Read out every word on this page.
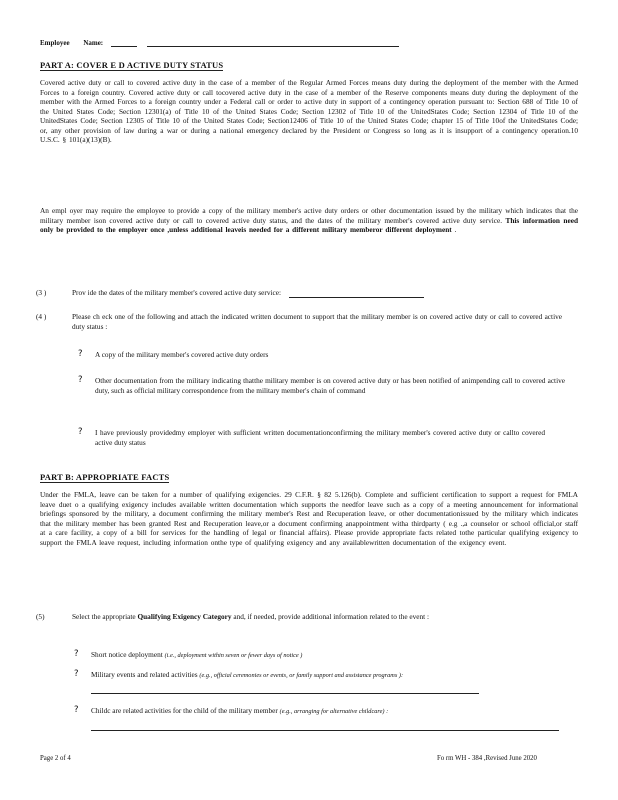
Employee Name:
PART A: COVER E D ACTIVE DUTY STATUS
Covered active duty or call to covered active duty in the case of a member of the Regular Armed Forces means duty during the deployment of the member with the Armed Forces to a foreign country. Covered active duty or call tocovered active duty in the case of a member of the Reserve components means duty during the deployment of the member with the Armed Forces to a foreign country under a Federal call or order to active duty in support of a contingency operation pursuant to: Section 688 of Title 10 of the United States Code; Section 12301(a) of Title 10 of the United States Code; Section 12302 of Title 10 of the UnitedStates Code; Section 12304 of Title 10 of the UnitedStates Code; Section 12305 of Title 10 of the United States Code; Section12406 of Title 10 of the United States Code; chapter 15 of Title 10of the UnitedStates Code; or, any other provision of law during a war or during a national emergency declared by the President or Congress so long as it is insupport of a contingency operation.10 U.S.C. § 101(a)(13)(B).
An empl oyer may require the employee to provide a copy of the military member's active duty orders or other documentation issued by the military which indicates that the military member ison covered active duty or call to covered active duty status, and the dates of the military member's covered active duty service. This information need only be provided to the employer once ,unless additional leaveis needed for a different military memberor different deployment .
(3 )	Prov ide the dates of the military member's covered active duty service:
(4 )	Please ch eck one of the following and attach the indicated written document to support that the military member is on covered active duty or call to covered active duty status :
?	A copy of the military member's covered active duty orders
?	Other documentation from the military indicating thatthe military member is on covered active duty or has been notified of animpending call to covered active duty, such as official military correspondence from the military member's chain of command
?	I have previously providedmy employer with sufficient written documentationconfirming the military member's covered active duty or callto covered active duty status
PART B: APPROPRIATE FACTS
Under the FMLA, leave can be taken for a number of qualifying exigencies. 29 C.F.R. § 82 5.126(b). Complete and sufficient certification to support a request for FMLA leave duet o a qualifying exigency includes available written documentation which supports the needfor leave such as a copy of a meeting announcement for informational briefings sponsored by the military, a document confirming the military member's Rest and Recuperation leave, or other documentationissued by the military which indicates that the military member has been granted Rest and Recuperation leave,or a document confirming anappointment witha thirdparty ( e.g .,a counselor or school official,or staff at a care facility, a copy of a bill for services for the handling of legal or financial affairs). Please provide appropriate facts related tothe particular qualifying exigency to support the FMLA leave request, including information onthe type of qualifying exigency and any availablewritten documentation of the exigency event.
(5)	Select the appropriate Qualifying Exigency Category and, if needed, provide additional information related to the event :
?	Short notice deployment (i.e., deployment within seven or fewer days of notice )
?	Military events and related activities (e.g., official ceremonies or events, or family support and assistance programs ):
?	Childc are related activities for the child of the military member (e.g., arranging for alternative childcare) :
Page 2 of 4	Fo rm WH - 384 ,Revised June 2020
